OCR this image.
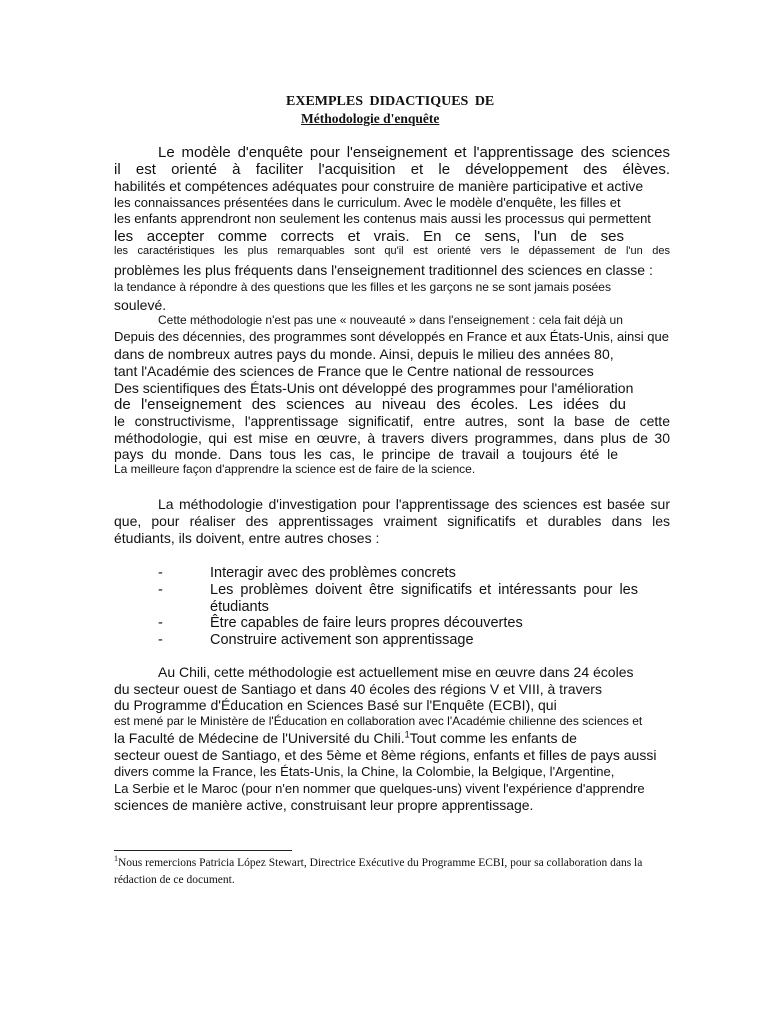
EXEMPLES DIDACTIQUES DE
Méthodologie d'enquête
Le modèle d'enquête pour l'enseignement et l'apprentissage des sciences
il est orienté à faciliter l'acquisition et le développement des élèves.
habilités et compétences adéquates pour construire de manière participative et active
les connaissances présentées dans le curriculum. Avec le modèle d'enquête, les filles et
les enfants apprendront non seulement les contenus mais aussi les processus qui permettent
les accepter comme corrects et vrais. En ce sens, l'un de ses
les caractéristiques les plus remarquables sont qu'il est orienté vers le dépassement de l'un des
problèmes les plus fréquents dans l'enseignement traditionnel des sciences en classe :
la tendance à répondre à des questions que les filles et les garçons ne se sont jamais posées
soulevé.
Cette méthodologie n'est pas une « nouveauté » dans l'enseignement : cela fait déjà un
Depuis des décennies, des programmes sont développés en France et aux États-Unis, ainsi que
dans de nombreux autres pays du monde. Ainsi, depuis le milieu des années 80,
tant l'Académie des sciences de France que le Centre national de ressources
Des scientifiques des États-Unis ont développé des programmes pour l'amélioration
de l'enseignement des sciences au niveau des écoles. Les idées du
le constructivisme, l'apprentissage significatif, entre autres, sont la base de cette
méthodologie, qui est mise en œuvre, à travers divers programmes, dans plus de 30
pays du monde. Dans tous les cas, le principe de travail a toujours été le
La meilleure façon d'apprendre la science est de faire de la science.
La méthodologie d'investigation pour l'apprentissage des sciences est basée sur
que, pour réaliser des apprentissages vraiment significatifs et durables dans les
étudiants, ils doivent, entre autres choses :
-	Interagir avec des problèmes concrets
-	Les problèmes doivent être significatifs et intéressants pour les étudiants
-	Être capables de faire leurs propres découvertes
-	Construire activement son apprentissage
Au Chili, cette méthodologie est actuellement mise en œuvre dans 24 écoles
du secteur ouest de Santiago et dans 40 écoles des régions V et VIII, à travers
du Programme d'Éducation en Sciences Basé sur l'Enquête (ECBI), qui
est mené par le Ministère de l'Éducation en collaboration avec l'Académie chilienne des sciences et
la Faculté de Médecine de l'Université du Chili.$^1$Tout comme les enfants de
secteur ouest de Santiago, et des 5ème et 8ème régions, enfants et filles de pays aussi
divers comme la France, les États-Unis, la Chine, la Colombie, la Belgique, l'Argentine,
La Serbie et le Maroc (pour n'en nommer que quelques-uns) vivent l'expérience d'apprendre
sciences de manière active, construisant leur propre apprentissage.
$^1$Nous remercions Patricia López Stewart, Directrice Exécutive du Programme ECBI, pour sa collaboration dans la
rédaction de ce document.
